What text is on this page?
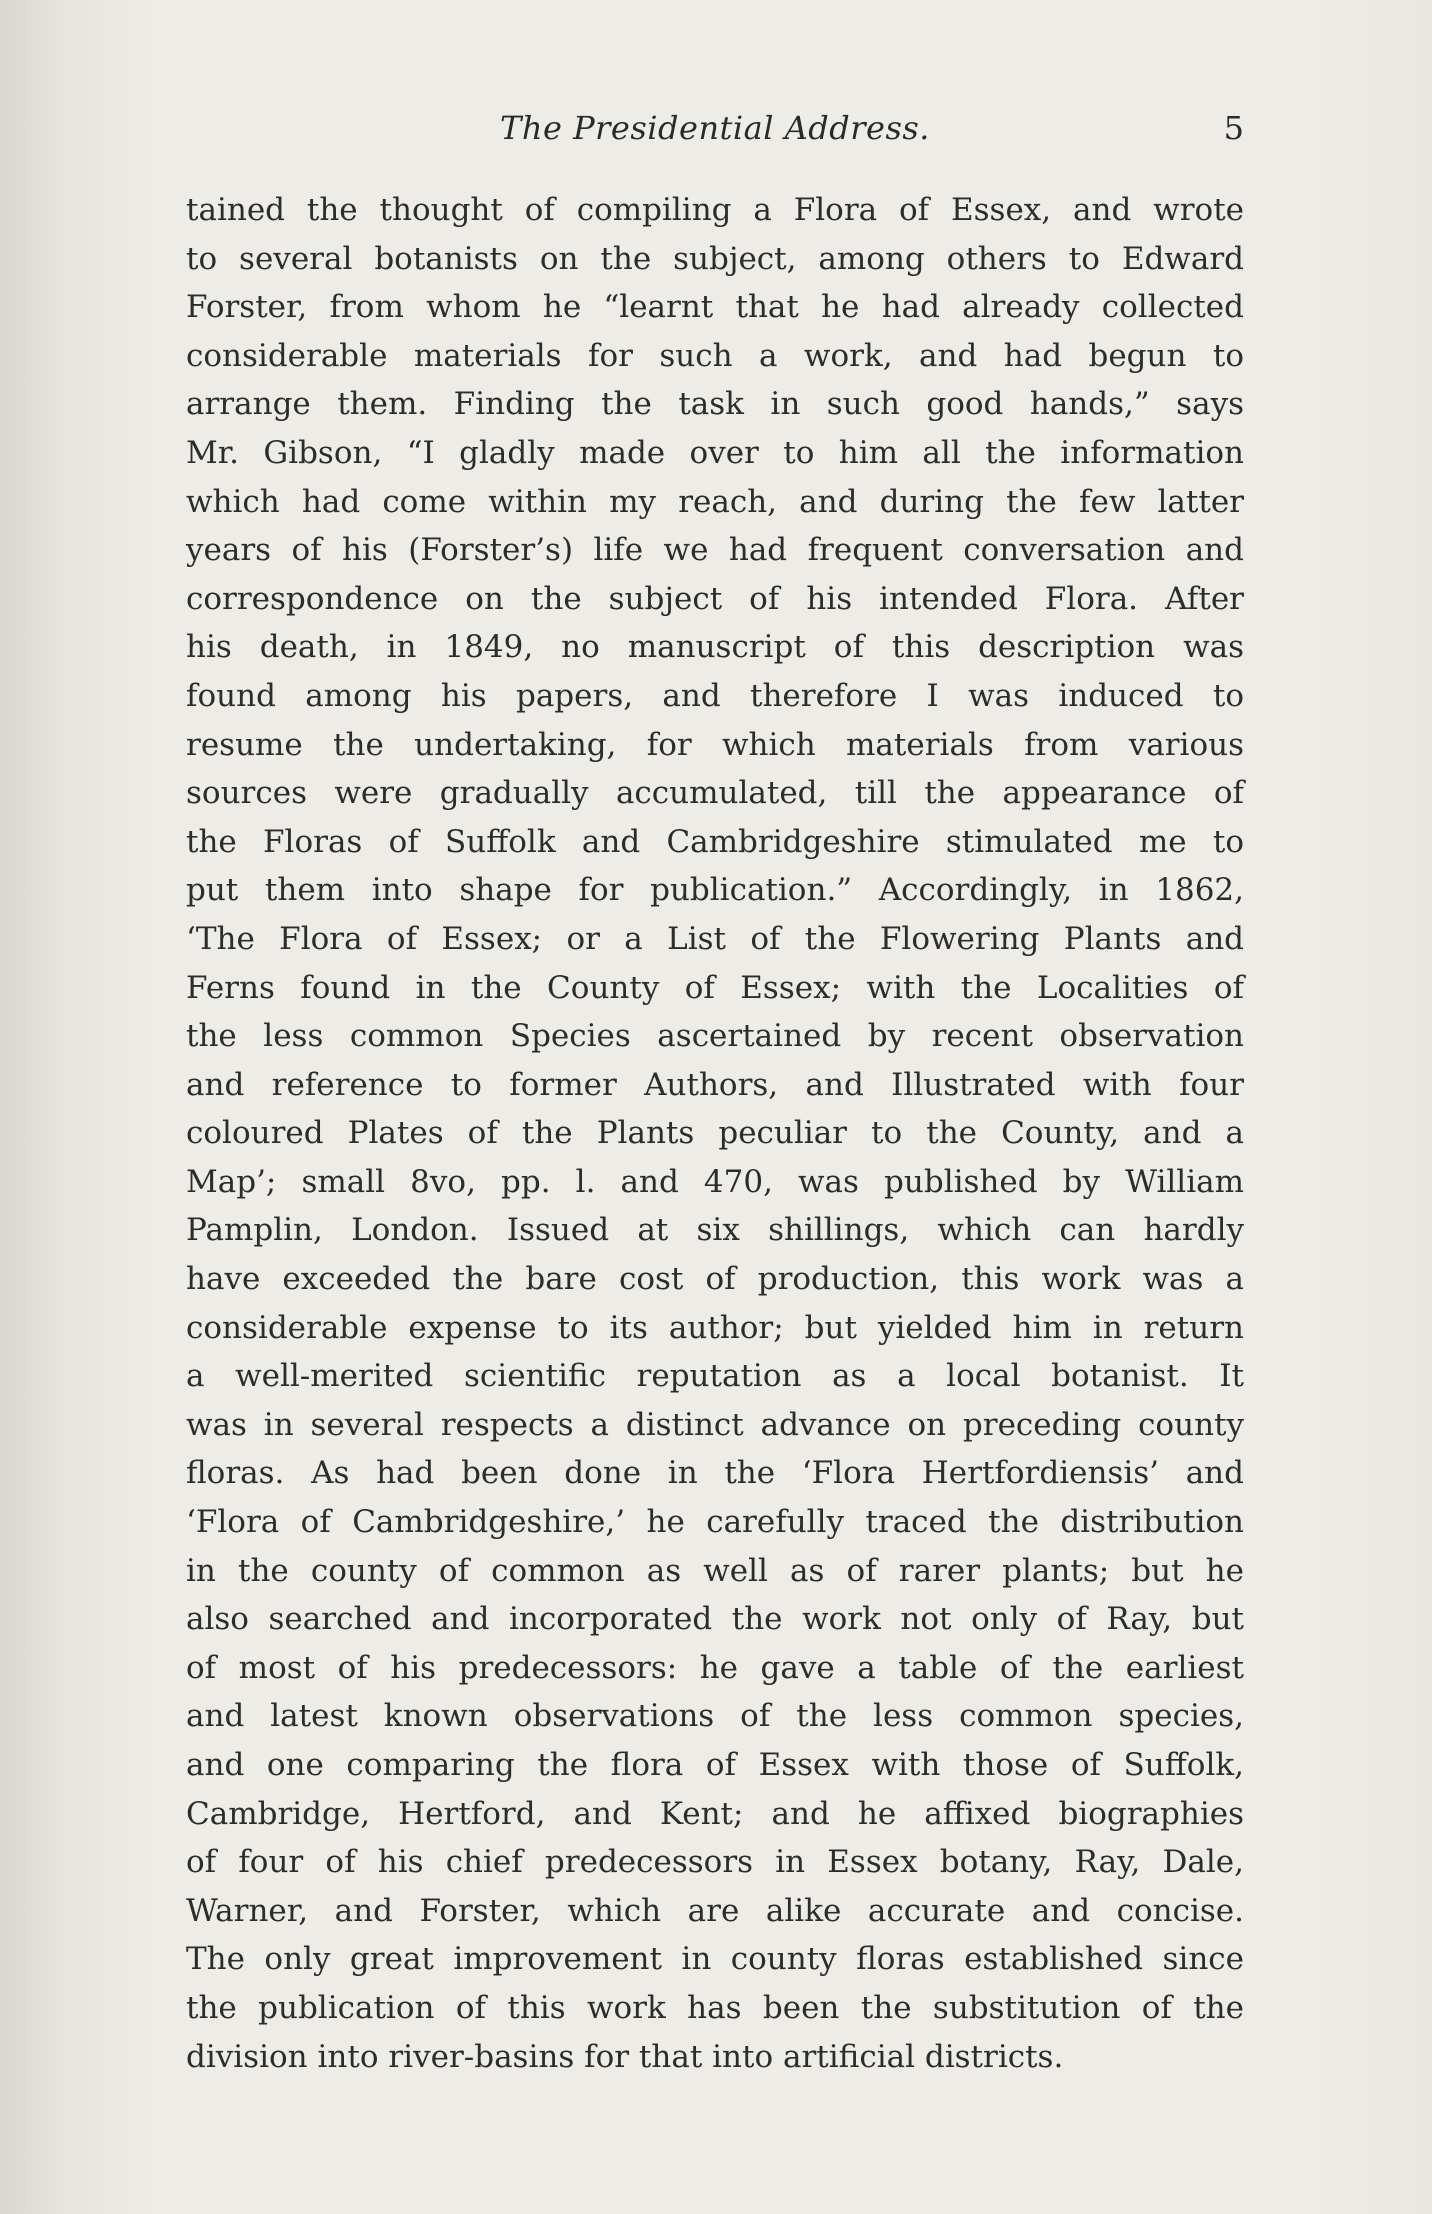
The Presidential Address.	5
tained the thought of compiling a Flora of Essex, and wrote
to several botanists on the subject, among others to Edward
Forster, from whom he “learnt that he had already collected
considerable materials for such a work, and had begun to
arrange them. Finding the task in such good hands,” says
Mr. Gibson, “I gladly made over to him all the information
which had come within my reach, and during the few latter
years of his (Forster’s) life we had frequent conversation and
correspondence on the subject of his intended Flora. After
his death, in 1849, no manuscript of this description was
found among his papers, and therefore I was induced to
resume the undertaking, for which materials from various
sources were gradually accumulated, till the appearance of
the Floras of Suffolk and Cambridgeshire stimulated me to
put them into shape for publication.” Accordingly, in 1862,
‘The Flora of Essex; or a List of the Flowering Plants and
Ferns found in the County of Essex; with the Localities of
the less common Species ascertained by recent observation
and reference to former Authors, and Illustrated with four
coloured Plates of the Plants peculiar to the County, and a
Map’; small 8vo, pp. l. and 470, was published by William
Pamplin, London. Issued at six shillings, which can hardly
have exceeded the bare cost of production, this work was a
considerable expense to its author; but yielded him in return
a well-merited scientific reputation as a local botanist. It
was in several respects a distinct advance on preceding county
floras. As had been done in the ‘Flora Hertfordiensis’ and
‘Flora of Cambridgeshire,’ he carefully traced the distribution
in the county of common as well as of rarer plants; but he
also searched and incorporated the work not only of Ray, but
of most of his predecessors: he gave a table of the earliest
and latest known observations of the less common species,
and one comparing the flora of Essex with those of Suffolk,
Cambridge, Hertford, and Kent; and he affixed biographies
of four of his chief predecessors in Essex botany, Ray, Dale,
Warner, and Forster, which are alike accurate and concise.
The only great improvement in county floras established since
the publication of this work has been the substitution of the
division into river-basins for that into artificial districts.
